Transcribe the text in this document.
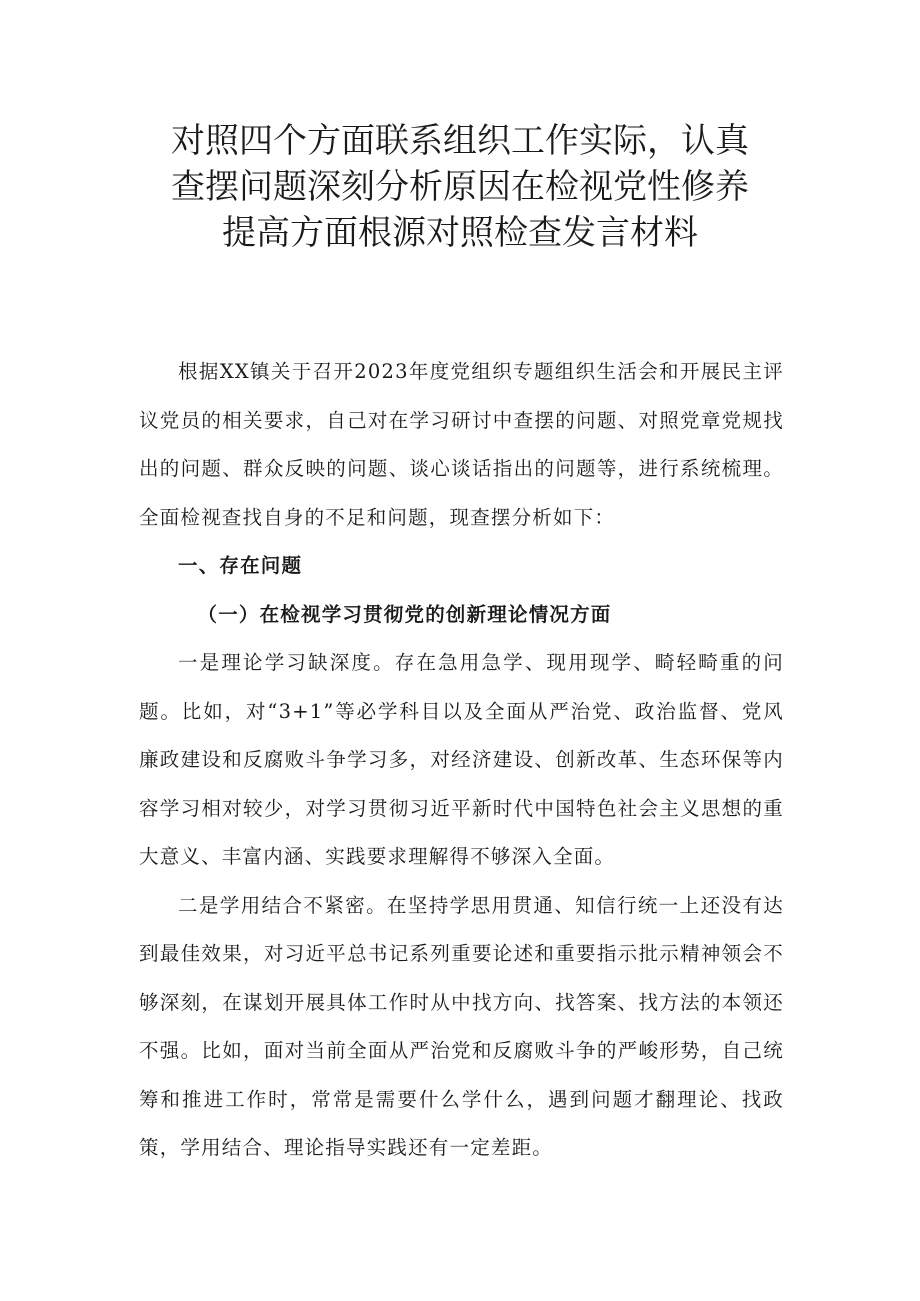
对照四个方面联系组织工作实际，认真
查摆问题深刻分析原因在检视党性修养
提高方面根源对照检查发言材料

根据XX镇关于召开2023年度党组织专题组织生活会和开展民主评议党员的相关要求，自己对在学习研讨中查摆的问题、对照党章党规找出的问题、群众反映的问题、谈心谈话指出的问题等，进行系统梳理。全面检视查找自身的不足和问题，现查摆分析如下：

一、存在问题

（一）在检视学习贯彻党的创新理论情况方面

一是理论学习缺深度。存在急用急学、现用现学、畸轻畸重的问题。比如，对“3+1”等必学科目以及全面从严治党、政治监督、党风廉政建设和反腐败斗争学习多，对经济建设、创新改革、生态环保等内容学习相对较少，对学习贯彻习近平新时代中国特色社会主义思想的重大意义、丰富内涵、实践要求理解得不够深入全面。

二是学用结合不紧密。在坚持学思用贯通、知信行统一上还没有达到最佳效果，对习近平总书记系列重要论述和重要指示批示精神领会不够深刻，在谋划开展具体工作时从中找方向、找答案、找方法的本领还不强。比如，面对当前全面从严治党和反腐败斗争的严峻形势，自己统筹和推进工作时，常常是需要什么学什么，遇到问题才翻理论、找政策，学用结合、理论指导实践还有一定差距。
